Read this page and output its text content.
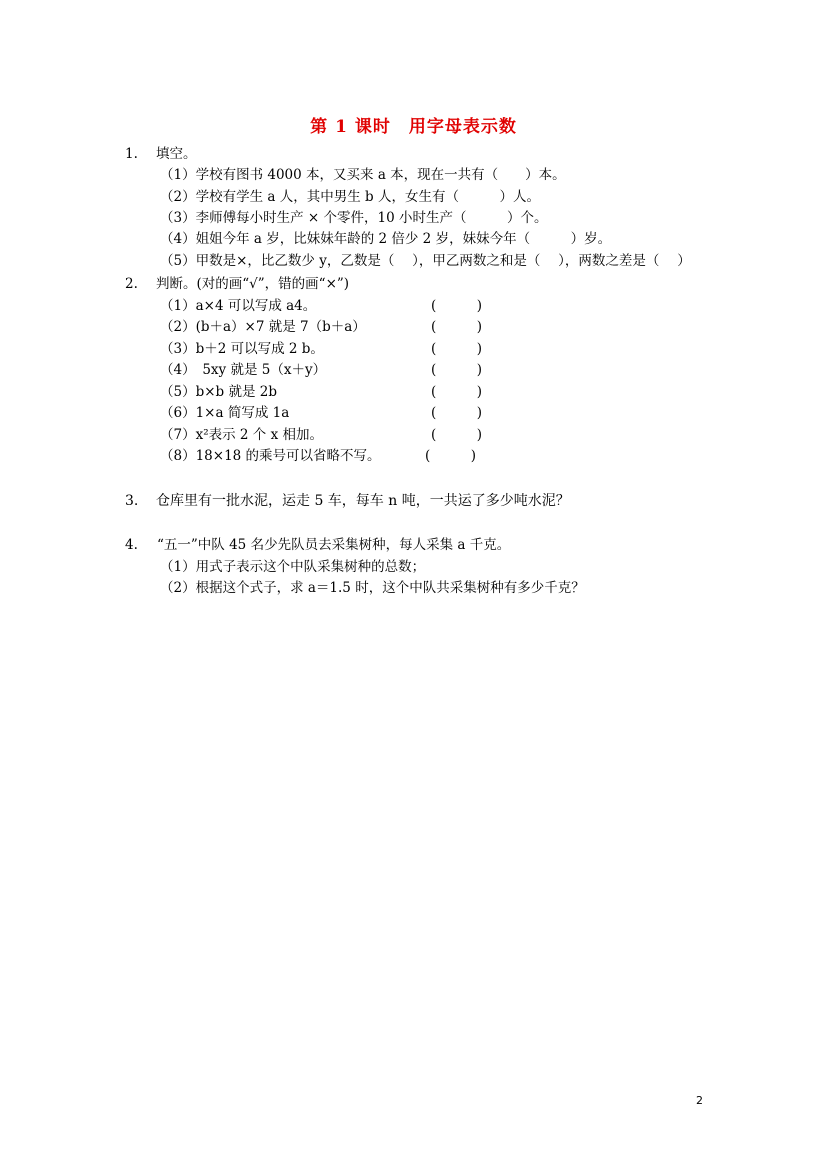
第 1 课时　用字母表示数
1. 填空。
（1）学校有图书 4000 本，又买来 a 本，现在一共有（　　）本。
（2）学校有学生 a 人，其中男生 b 人，女生有（　　　）人。
（3）李师傅每小时生产 × 个零件，10 小时生产（　　　）个。
（4）姐姐今年 a 岁，比妹妹年龄的 2 倍少 2 岁，妹妹今年（　　　）岁。
（5）甲数是×，比乙数少 y，乙数是（　 ），甲乙两数之和是（　 ），两数之差是（　 ）
2. 判断。(对的画“√”，错的画“×”)
（1）a×4 可以写成 a4。	(　　　)
（2）(b＋a）×7 就是 7（b＋a）	(　　　)
（3）b＋2 可以写成 2 b。	(　　　)
（4）　5xy 就是 5（x＋y）	(　　　)
（5）b×b 就是 2b	(　　　)
（6）1×a 简写成 1a	(　　　)
（7）x²表示 2 个 x 相加。	(　　　)
（8）18×18 的乘号可以省略不写。	(　　　)
3. 仓库里有一批水泥，运走 5 车，每车 n 吨，一共运了多少吨水泥？
4. “五一”中队 45 名少先队员去采集树种，每人采集 a 千克。
（1）用式子表示这个中队采集树种的总数；
（2）根据这个式子，求 a＝1.5 时，这个中队共采集树种有多少千克？
2
